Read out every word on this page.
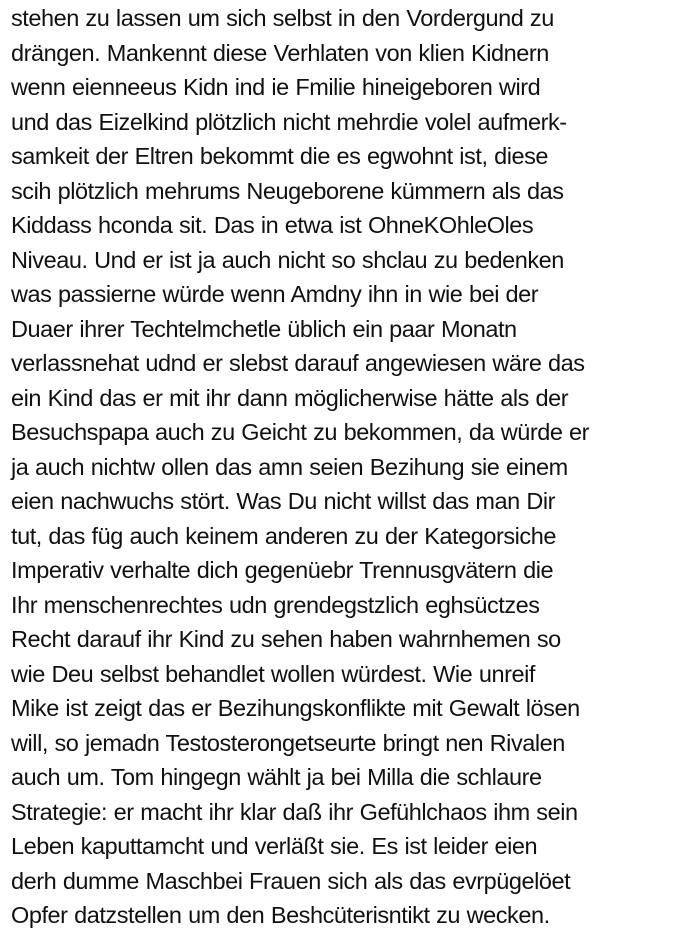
stehen zu lassen um sich selbst in den Vordergund zu
drängen. Mankennt diese Verhlaten von klien Kidnern
wenn eienneeus Kidn ind ie Fmilie hineigeboren wird
und das Eizelkind plötzlich nicht mehrdie volel aufmerk-
samkeit der Eltren bekommt die es egwohnt ist, diese
scih plötzlich mehrums Neugeborene kümmern als das
Kiddass hconda sit. Das in etwa ist OhneKOhleOles
Niveau. Und er ist ja auch nicht so shclau zu bedenken
was passierne würde wenn Amdny ihn in wie bei der
Duaer ihrer Techtelmchetle üblich ein paar Monatn
verlassnehat udnd er slebst darauf angewiesen wäre das
ein Kind das er mit ihr dann möglicherwise hätte als der
Besuchspapa auch zu Geicht zu bekommen, da würde er
ja auch nichtw ollen das amn seien Bezihung sie einem
eien nachwuchs stört. Was Du nicht willst das man Dir
tut, das füg auch keinem anderen zu der Kategorsiche
Imperativ verhalte dich gegenüebr Trennusgvätern die
Ihr menschenrechtes udn grendegstzlich eghsüctzes
Recht darauf ihr Kind zu sehen haben wahrnhemen so
wie Deu selbst behandlet wollen würdest. Wie unreif
Mike ist zeigt das er Bezihungskonflikte mit Gewalt lösen
will, so jemadn Testosterongetseurte bringt nen Rivalen
auch um. Tom hingegn wählt ja bei Milla die schlaure
Strategie: er macht ihr klar daß ihr Gefühlchaos ihm sein
Leben kaputtamcht und verläßt sie. Es ist leider eien
derh dumme Maschbei Frauen sich als das evrpügelöet
Opfer datzstellen um den Beshcüterisntikt zu wecken.
